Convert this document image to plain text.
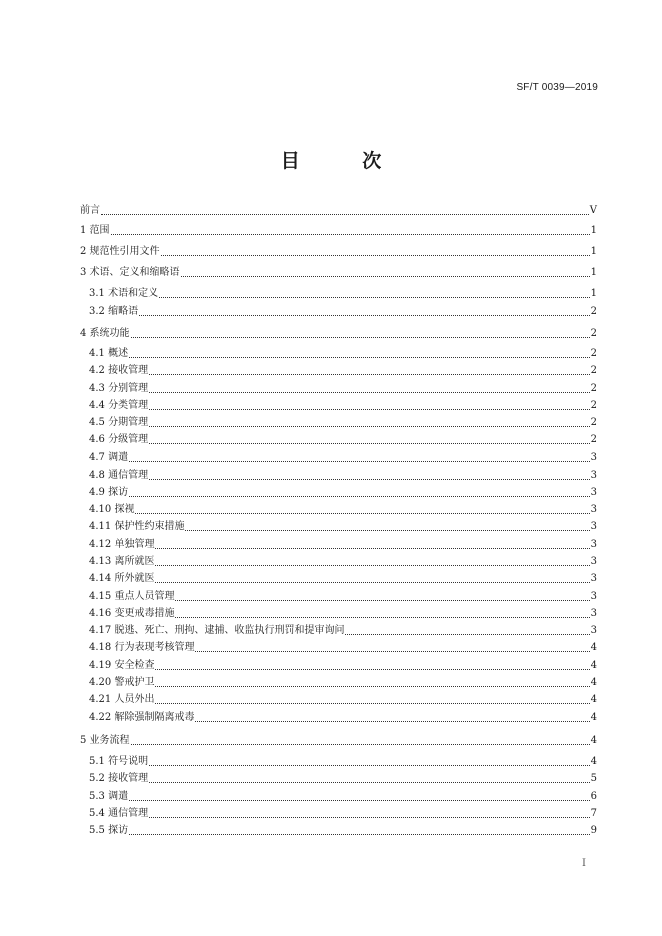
SF/T 0039—2019
目 次
前言	V
1 范围	1
2 规范性引用文件	1
3 术语、定义和缩略语	1
3.1 术语和定义	1
3.2 缩略语	2
4 系统功能	2
4.1 概述	2
4.2 接收管理	2
4.3 分别管理	2
4.4 分类管理	2
4.5 分期管理	2
4.6 分级管理	2
4.7 调遣	3
4.8 通信管理	3
4.9 探访	3
4.10 探视	3
4.11 保护性约束措施	3
4.12 单独管理	3
4.13 离所就医	3
4.14 所外就医	3
4.15 重点人员管理	3
4.16 变更戒毒措施	3
4.17 脱逃、死亡、刑拘、逮捕、收监执行刑罚和提审询问	3
4.18 行为表现考核管理	4
4.19 安全检查	4
4.20 警戒护卫	4
4.21 人员外出	4
4.22 解除强制隔离戒毒	4
5 业务流程	4
5.1 符号说明	4
5.2 接收管理	5
5.3 调遣	6
5.4 通信管理	7
5.5 探访	9
I
